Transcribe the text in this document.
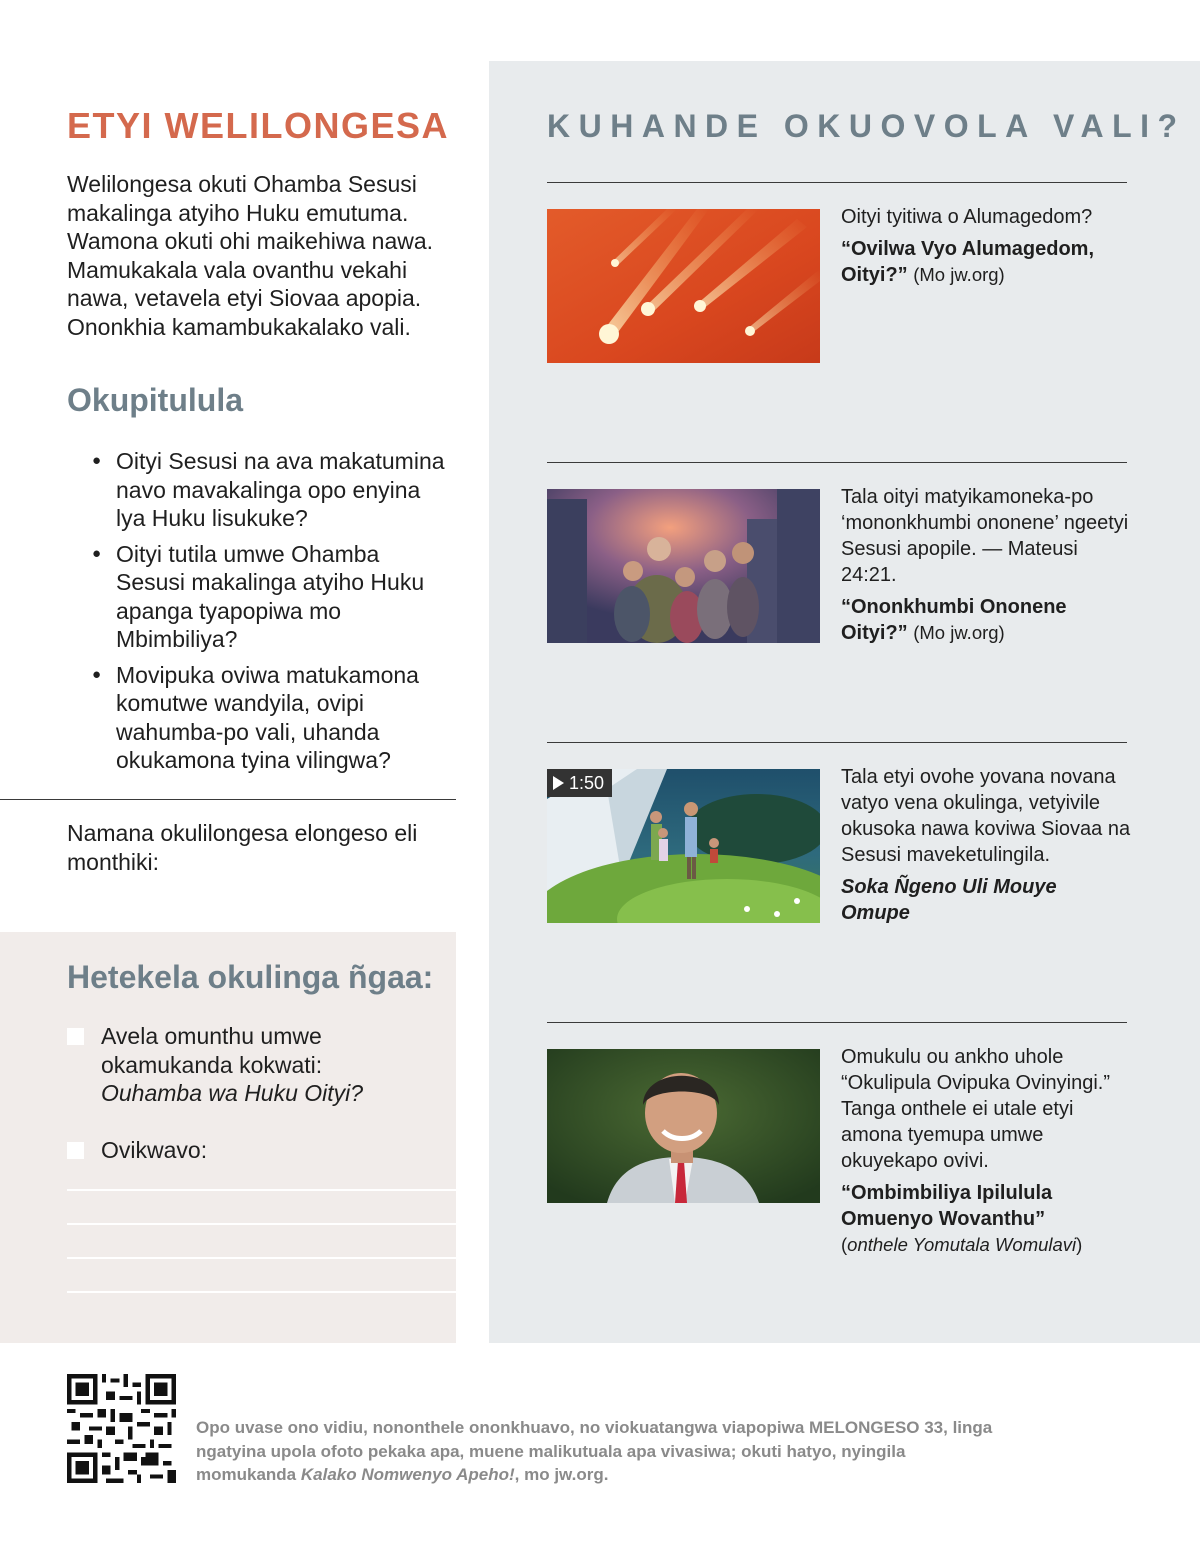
ETYI WELILONGESA

Welilongesa okuti Ohamba Sesusi makalinga atyiho Huku emutuma. Wamona okuti ohi maikehiwa nawa. Mamukakala vala ovanthu vekahi nawa, vetavela etyi Siovaa apopia. Ononkhia kamambukakalako vali.

Okupitulula
● Oityi Sesusi na ava makatumina navo mavakalinga opo enyina lya Huku lisukuke?
● Oityi tutila umwe Ohamba Sesusi makalinga atyiho Huku apanga tyapopiwa mo Mbimbiliya?
● Movipuka oviwa matukamona komutwe wandyila, ovipi wahumba-po vali, uhanda okukamona tyina vilingwa?

Namana okulilongesa elongeso eli monthiki:

Hetekela okulinga ñgaa:
Avela omunthu umwe okamukanda kokwati: Ouhamba wa Huku Oityi?
Ovikwavo:
KUHANDE OKUOVOLA VALI?

Oityi tyitiwa o Alumagedom?

“Ovilwa Vyo Alumagedom, Oityi?” (Mo jw.org)

Tala oityi matyikamoneka-po ‘mononkhumbi ononene’ ngeetyi Sesusi apopile. — Mateusi 24:21.

“Ononkhumbi Ononene Oityi?” (Mo jw.org)

1:50	Tala etyi ovohe yovana novana vatyo vena okulinga, vetyivile okusoka nawa koviwa Siovaa na Sesusi maveketulingila.

Soka Ñgeno Uli Mouye Omupe

Omukulu ou ankho uhole “Okulipula Ovipuka Ovinyingi.” Tanga onthele ei utale etyi amona tyemupa umwe okuyekapo ovivi.

“Ombimbiliya Ipilulula Omuenyo Wovanthu”
(onthele Yomutala Womulavi)

Opo uvase ono vidiu, nononthele ononkhuavo, no viokuatangwa viapopiwa MELONGESO 33, linga ngatyina upola ofoto pekaka apa, muene malikutuala apa vivasiwa; okuti hatyo, nyingila momukanda Kalako Nomwenyo Apeho!, mo jw.org.
